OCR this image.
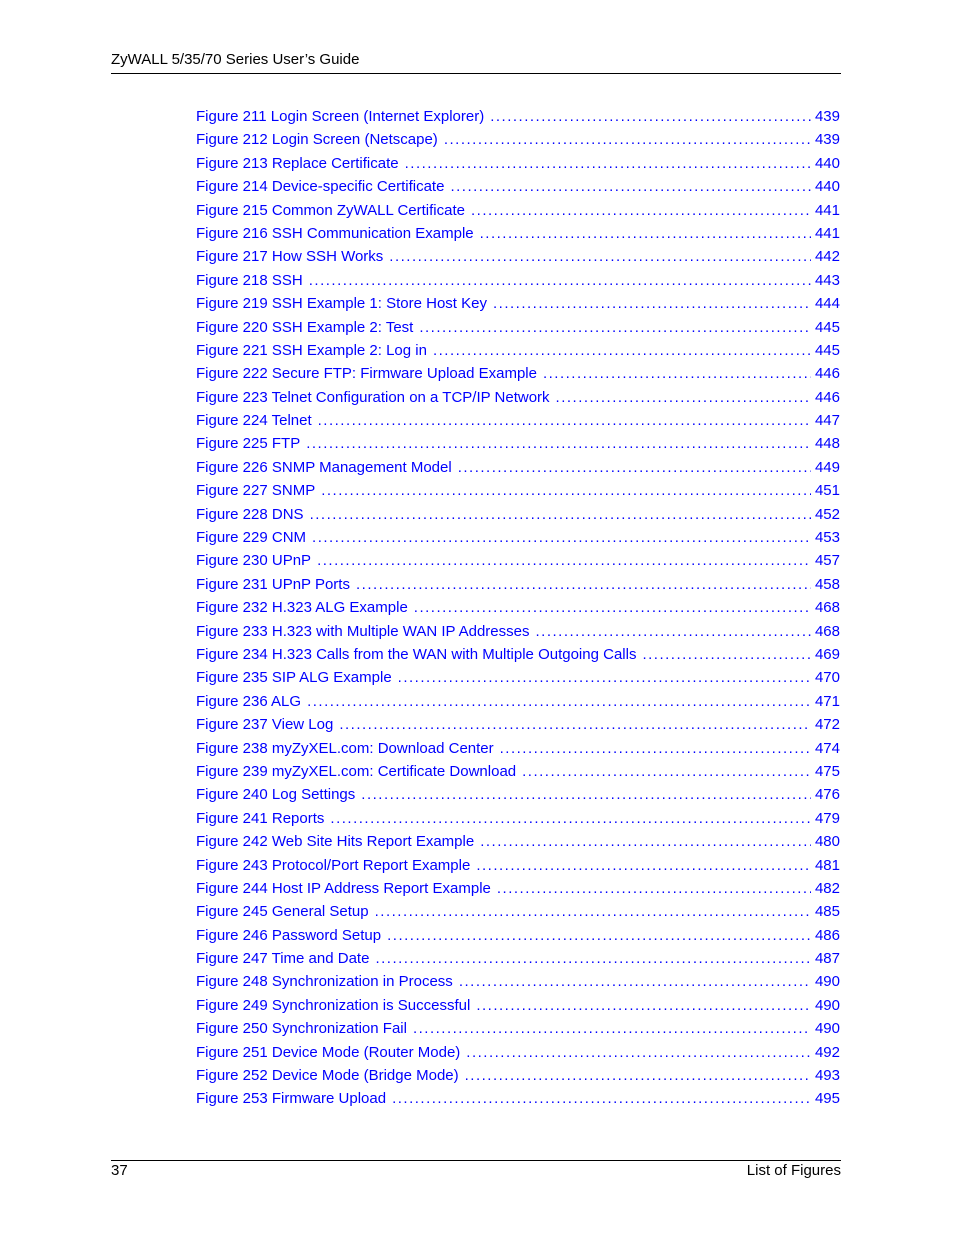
ZyWALL 5/35/70 Series User’s Guide
Figure 211 Login Screen (Internet Explorer) .....	439
Figure 212 Login Screen (Netscape) .....	439
Figure 213 Replace Certificate .....	440
Figure 214 Device-specific Certificate .....	440
Figure 215 Common ZyWALL Certificate .....	441
Figure 216 SSH Communication Example .....	441
Figure 217 How SSH Works .....	442
Figure 218 SSH .....	443
Figure 219 SSH Example 1: Store Host Key .....	444
Figure 220 SSH Example 2: Test .....	445
Figure 221 SSH Example 2: Log in .....	445
Figure 222 Secure FTP: Firmware Upload Example .....	446
Figure 223 Telnet Configuration on a TCP/IP Network .....	446
Figure 224 Telnet .....	447
Figure 225 FTP .....	448
Figure 226 SNMP Management Model .....	449
Figure 227 SNMP .....	451
Figure 228 DNS .....	452
Figure 229 CNM .....	453
Figure 230 UPnP .....	457
Figure 231 UPnP Ports .....	458
Figure 232 H.323 ALG Example .....	468
Figure 233 H.323 with Multiple WAN IP Addresses .....	468
Figure 234 H.323 Calls from the WAN with Multiple Outgoing Calls .....	469
Figure 235 SIP ALG Example .....	470
Figure 236 ALG .....	471
Figure 237 View Log .....	472
Figure 238 myZyXEL.com: Download Center .....	474
Figure 239 myZyXEL.com: Certificate Download .....	475
Figure 240 Log Settings .....	476
Figure 241 Reports .....	479
Figure 242 Web Site Hits Report Example .....	480
Figure 243 Protocol/Port Report Example .....	481
Figure 244 Host IP Address Report Example .....	482
Figure 245 General Setup .....	485
Figure 246 Password Setup .....	486
Figure 247 Time and Date .....	487
Figure 248 Synchronization in Process .....	490
Figure 249 Synchronization is Successful .....	490
Figure 250 Synchronization Fail .....	490
Figure 251 Device Mode (Router Mode) .....	492
Figure 252 Device Mode (Bridge Mode) .....	493
Figure 253 Firmware Upload .....	495
37	List of Figures
